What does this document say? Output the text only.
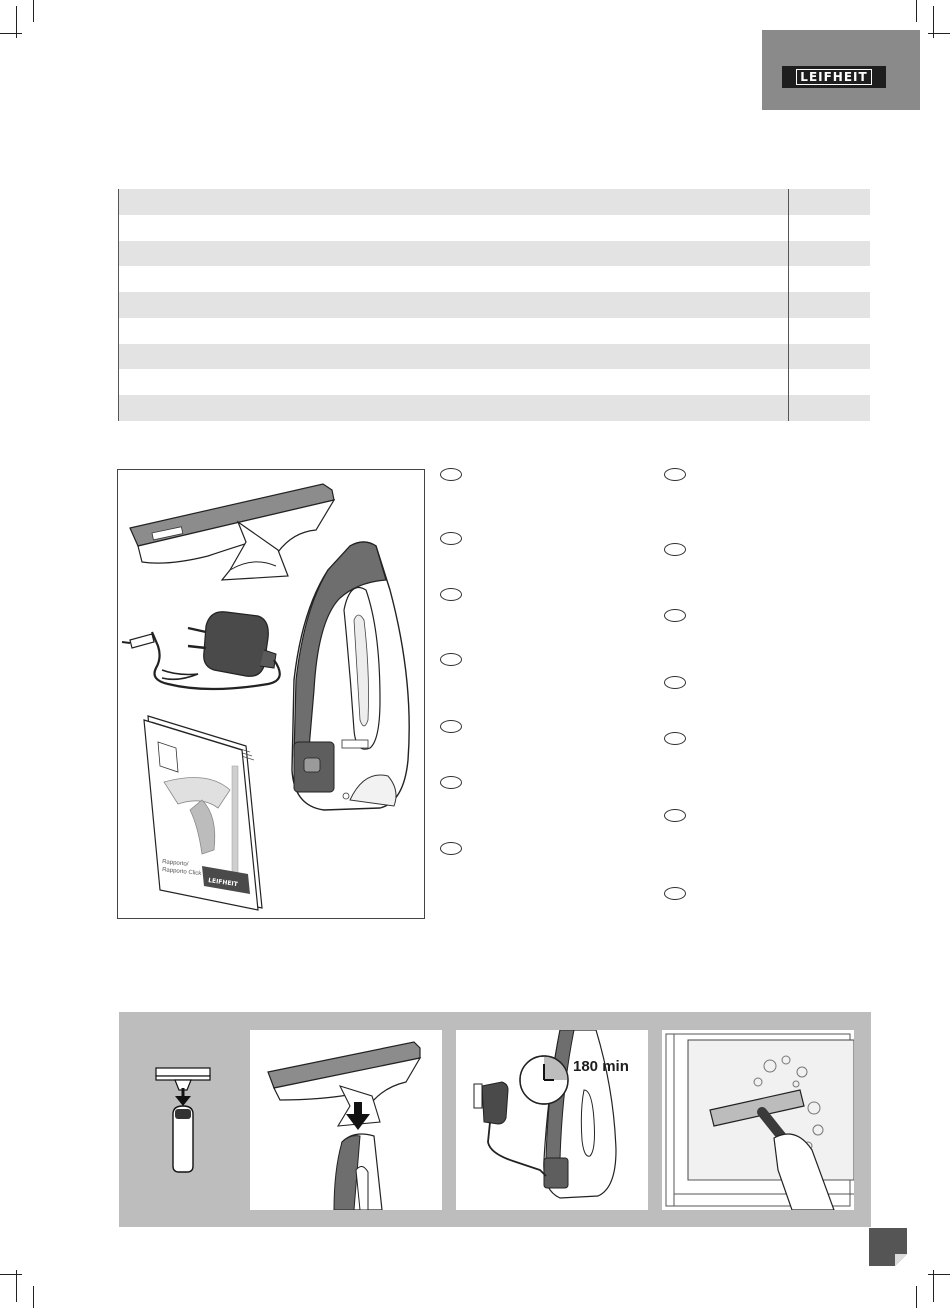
LEIFHEIT
Rapporto/
Rapporto Click
LEIFHEIT
180 min
